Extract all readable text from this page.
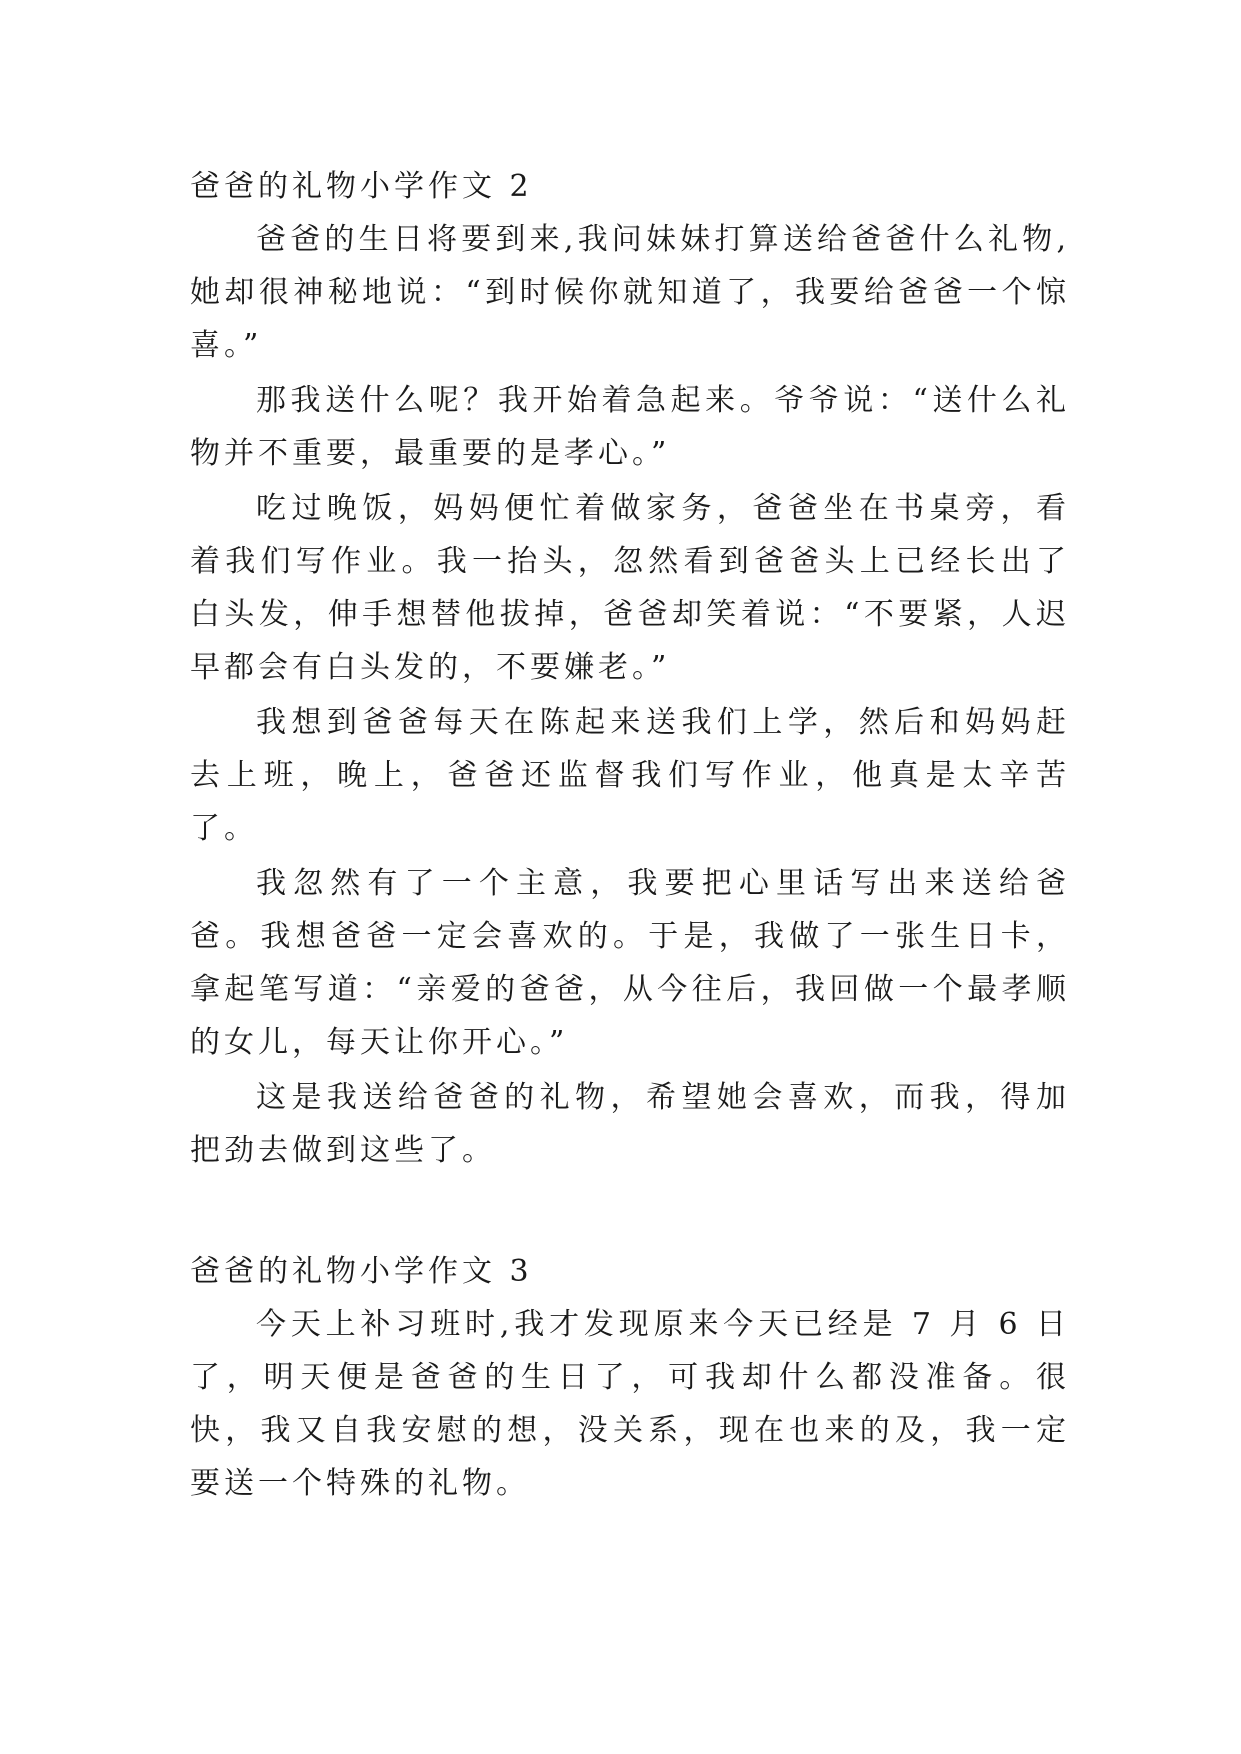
爸爸的礼物小学作文 2

爸爸的生日将要到来,我问妹妹打算送给爸爸什么礼物,她却很神秘地说：“到时候你就知道了，我要给爸爸一个惊喜。”

那我送什么呢？我开始着急起来。爷爷说：“送什么礼物并不重要，最重要的是孝心。”

吃过晚饭，妈妈便忙着做家务，爸爸坐在书桌旁，看着我们写作业。我一抬头，忽然看到爸爸头上已经长出了白头发，伸手想替他拔掉，爸爸却笑着说：“不要紧，人迟早都会有白头发的，不要嫌老。”

我想到爸爸每天在陈起来送我们上学，然后和妈妈赶去上班，晚上，爸爸还监督我们写作业，他真是太辛苦了。

我忽然有了一个主意，我要把心里话写出来送给爸爸。我想爸爸一定会喜欢的。于是，我做了一张生日卡，拿起笔写道：“亲爱的爸爸，从今往后，我回做一个最孝顺的女儿，每天让你开心。”

这是我送给爸爸的礼物，希望她会喜欢，而我，得加把劲去做到这些了。

爸爸的礼物小学作文 3

今天上补习班时,我才发现原来今天已经是 7 月 6 日了，明天便是爸爸的生日了，可我却什么都没准备。很快，我又自我安慰的想，没关系，现在也来的及，我一定要送一个特殊的礼物。
